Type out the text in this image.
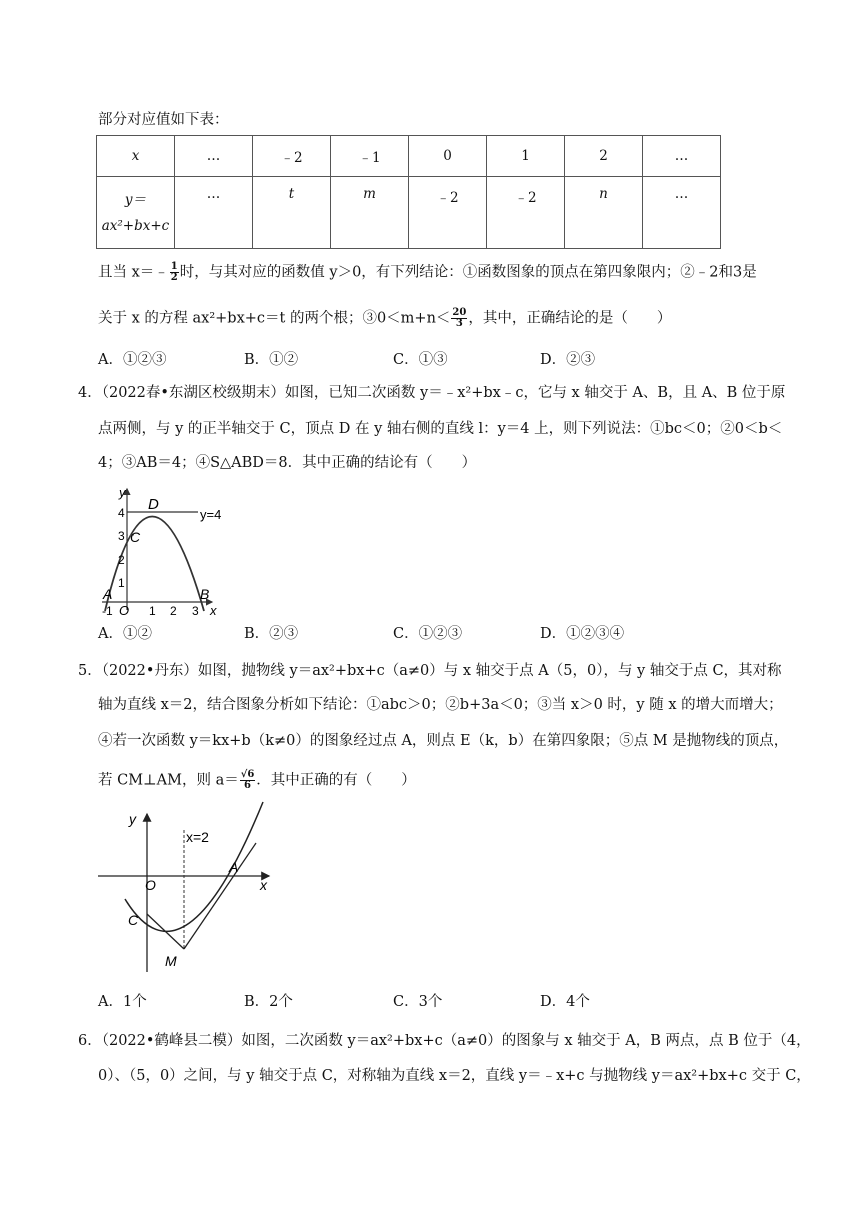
部分对应值如下表：
x	…	﹣2	﹣1	0	1	2	…
y＝
ax²+bx+c	…	t	m	﹣2	﹣2	n	…
且当 x＝﹣ $\frac{1}{2}$ 时，与其对应的函数值 y＞0，有下列结论：①函数图象的顶点在第四象限内；②﹣2和3是
关于 x 的方程 ax²+bx+c＝t 的两个根；③0＜m+n＜ $\frac{20}{3}$ ，其中，正确结论的是（　　）
A．①②③	B．①②	C．①③	D．②③
4．（2022春•东湖区校级期末）如图，已知二次函数 y＝﹣x²+bx﹣c，它与 x 轴交于 A、B，且 A、B 位于原
点两侧，与 y 的正半轴交于 C，顶点 D 在 y 轴右侧的直线 l：y＝4 上，则下列说法：①bc＜0；②0＜b＜
4；③AB＝4；④S△ABD＝8．其中正确的结论有（　　）
y
D
y=4
C
A	B
O	x
4
3
2
1
-1	1 2 3
A．①②	B．②③	C．①②③	D．①②③④
5．（2022•丹东）如图，抛物线 y＝ax²+bx+c（a≠0）与 x 轴交于点 A（5，0），与 y 轴交于点 C，其对称
轴为直线 x＝2，结合图象分析如下结论：①abc＞0；②b+3a＜0；③当 x＞0 时，y 随 x 的增大而增大；
④若一次函数 y＝kx+b（k≠0）的图象经过点 A，则点 E（k，b）在第四象限；⑤点 M 是抛物线的顶点，
若 CM⊥AM，则 $a= \frac{√6}{6}$ ．其中正确的有（　　）
y
x=2
A
O	x
C
M
A．1个	B．2个	C．3个	D．4个
6．（2022•鹤峰县二模）如图，二次函数 y＝ax²+bx+c（a≠0）的图象与 x 轴交于 A，B 两点，点 B 位于（4，
0）、（5，0）之间，与 y 轴交于点 C，对称轴为直线 x＝2，直线 y＝﹣x+c 与抛物线 y＝ax²+bx+c 交于 C，
